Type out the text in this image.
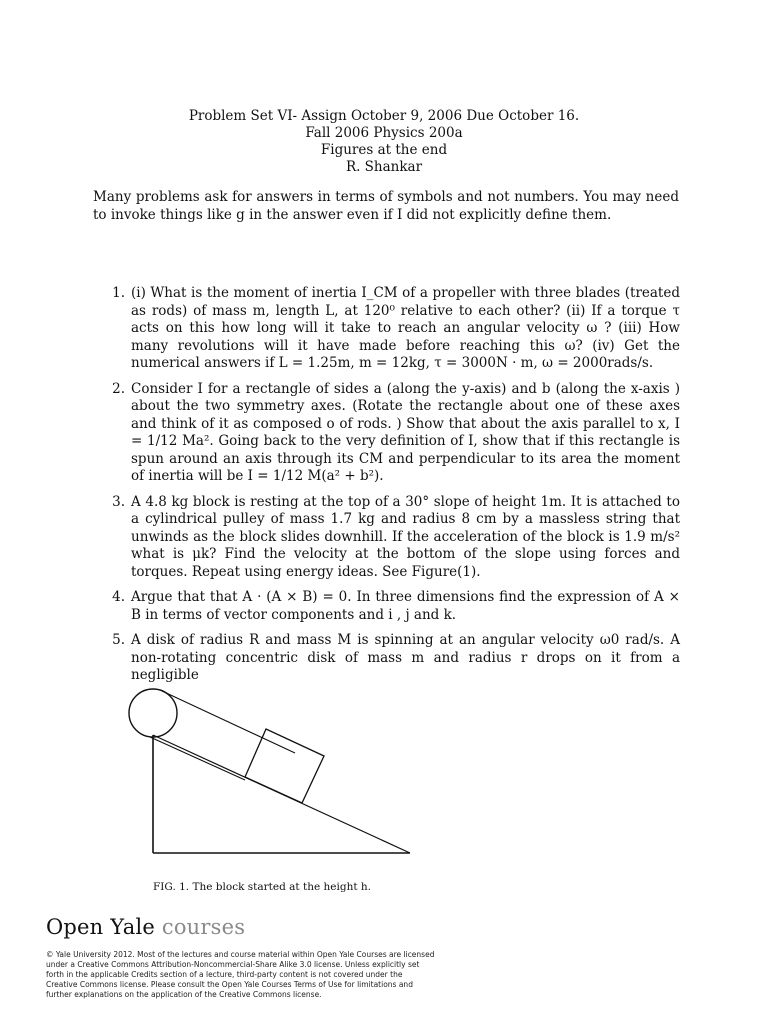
Problem Set VI- Assign October 9, 2006 Due October 16.
Fall 2006 Physics 200a
Figures at the end
R. Shankar
Many problems ask for answers in terms of symbols and not numbers. You may need to invoke things like g in the answer even if I did not explicitly define them.
1. (i) What is the moment of inertia I_CM of a propeller with three blades (treated as rods) of mass m, length L, at 120⁰ relative to each other? (ii) If a torque τ acts on this how long will it take to reach an angular velocity ω ? (iii) How many revolutions will it have made before reaching this ω? (iv) Get the numerical answers if L = 1.25m, m = 12kg, τ = 3000N · m, ω = 2000rads/s.
2. Consider I for a rectangle of sides a (along the y-axis) and b (along the x-axis ) about the two symmetry axes. (Rotate the rectangle about one of these axes and think of it as composed o of rods. ) Show that about the axis parallel to x, I = 1/12 Ma². Going back to the very definition of I, show that if this rectangle is spun around an axis through its CM and perpendicular to its area the moment of inertia will be I = 1/12 M(a² + b²).
3. A 4.8 kg block is resting at the top of a 30° slope of height 1m. It is attached to a cylindrical pulley of mass 1.7 kg and radius 8 cm by a massless string that unwinds as the block slides downhill. If the acceleration of the block is 1.9 m/s² what is μk? Find the velocity at the bottom of the slope using forces and torques. Repeat using energy ideas. See Figure(1).
4. Argue that that A · (A × B) = 0. In three dimensions find the expression of A × B in terms of vector components and i , j and k.
5. A disk of radius R and mass M is spinning at an angular velocity ω0 rad/s. A non-rotating concentric disk of mass m and radius r drops on it from a negligible
FIG. 1. The block started at the height h.
Open Yale courses
© Yale University 2012. Most of the lectures and course material within Open Yale Courses are licensed under a Creative Commons Attribution-Noncommercial-Share Alike 3.0 license. Unless explicitly set forth in the applicable Credits section of a lecture, third-party content is not covered under the Creative Commons license. Please consult the Open Yale Courses Terms of Use for limitations and further explanations on the application of the Creative Commons license.
